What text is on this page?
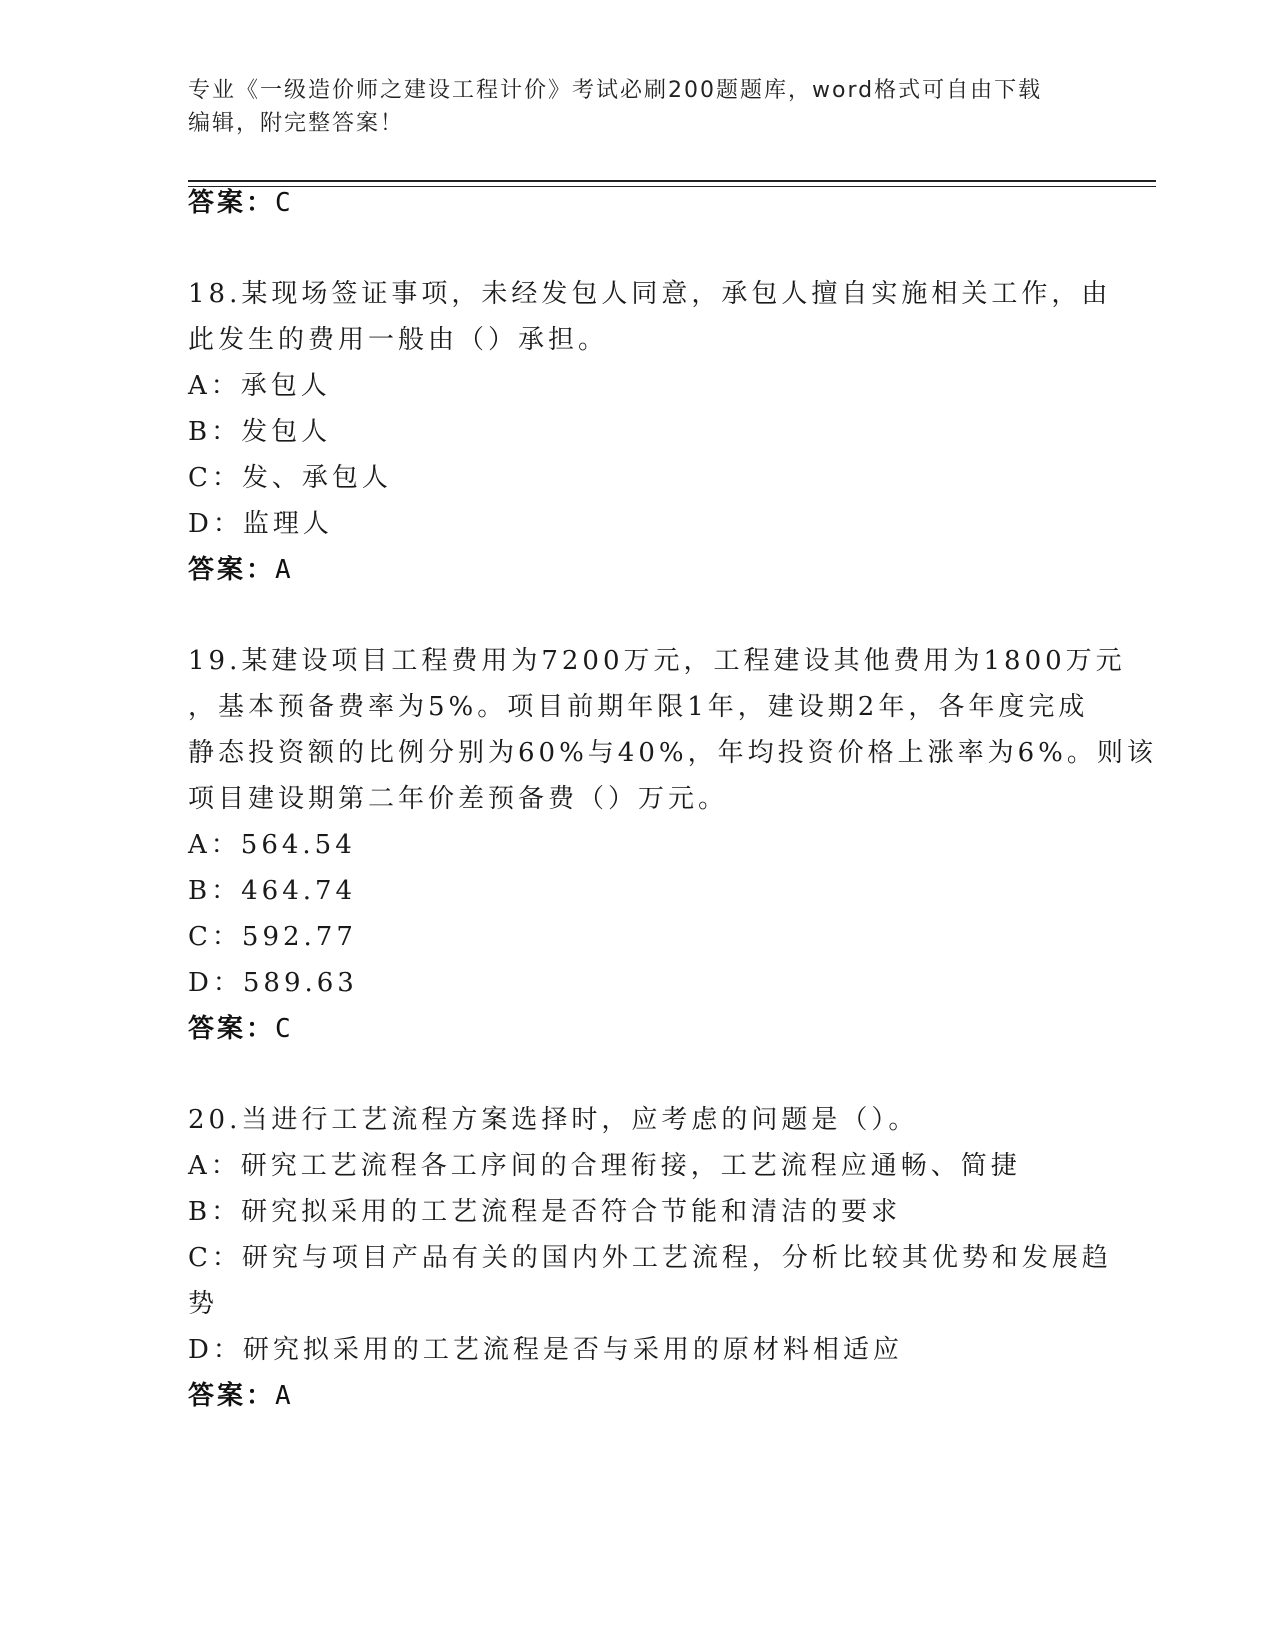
专业《一级造价师之建设工程计价》考试必刷200题题库，word格式可自由下载
编辑，附完整答案！
答案：C
18.某现场签证事项，未经发包人同意，承包人擅自实施相关工作，由
此发生的费用一般由（）承担。
A：承包人
B：发包人
C：发、承包人
D：监理人
答案：A
19.某建设项目工程费用为7200万元，工程建设其他费用为1800万元
，基本预备费率为5%。项目前期年限1年，建设期2年，各年度完成
静态投资额的比例分别为60%与40%，年均投资价格上涨率为6%。则该
项目建设期第二年价差预备费（）万元。
A：564.54
B：464.74
C：592.77
D：589.63
答案：C
20.当进行工艺流程方案选择时，应考虑的问题是（）。
A：研究工艺流程各工序间的合理衔接，工艺流程应通畅、简捷
B：研究拟采用的工艺流程是否符合节能和清洁的要求
C：研究与项目产品有关的国内外工艺流程，分析比较其优势和发展趋
势
D：研究拟采用的工艺流程是否与采用的原材料相适应
答案：A
